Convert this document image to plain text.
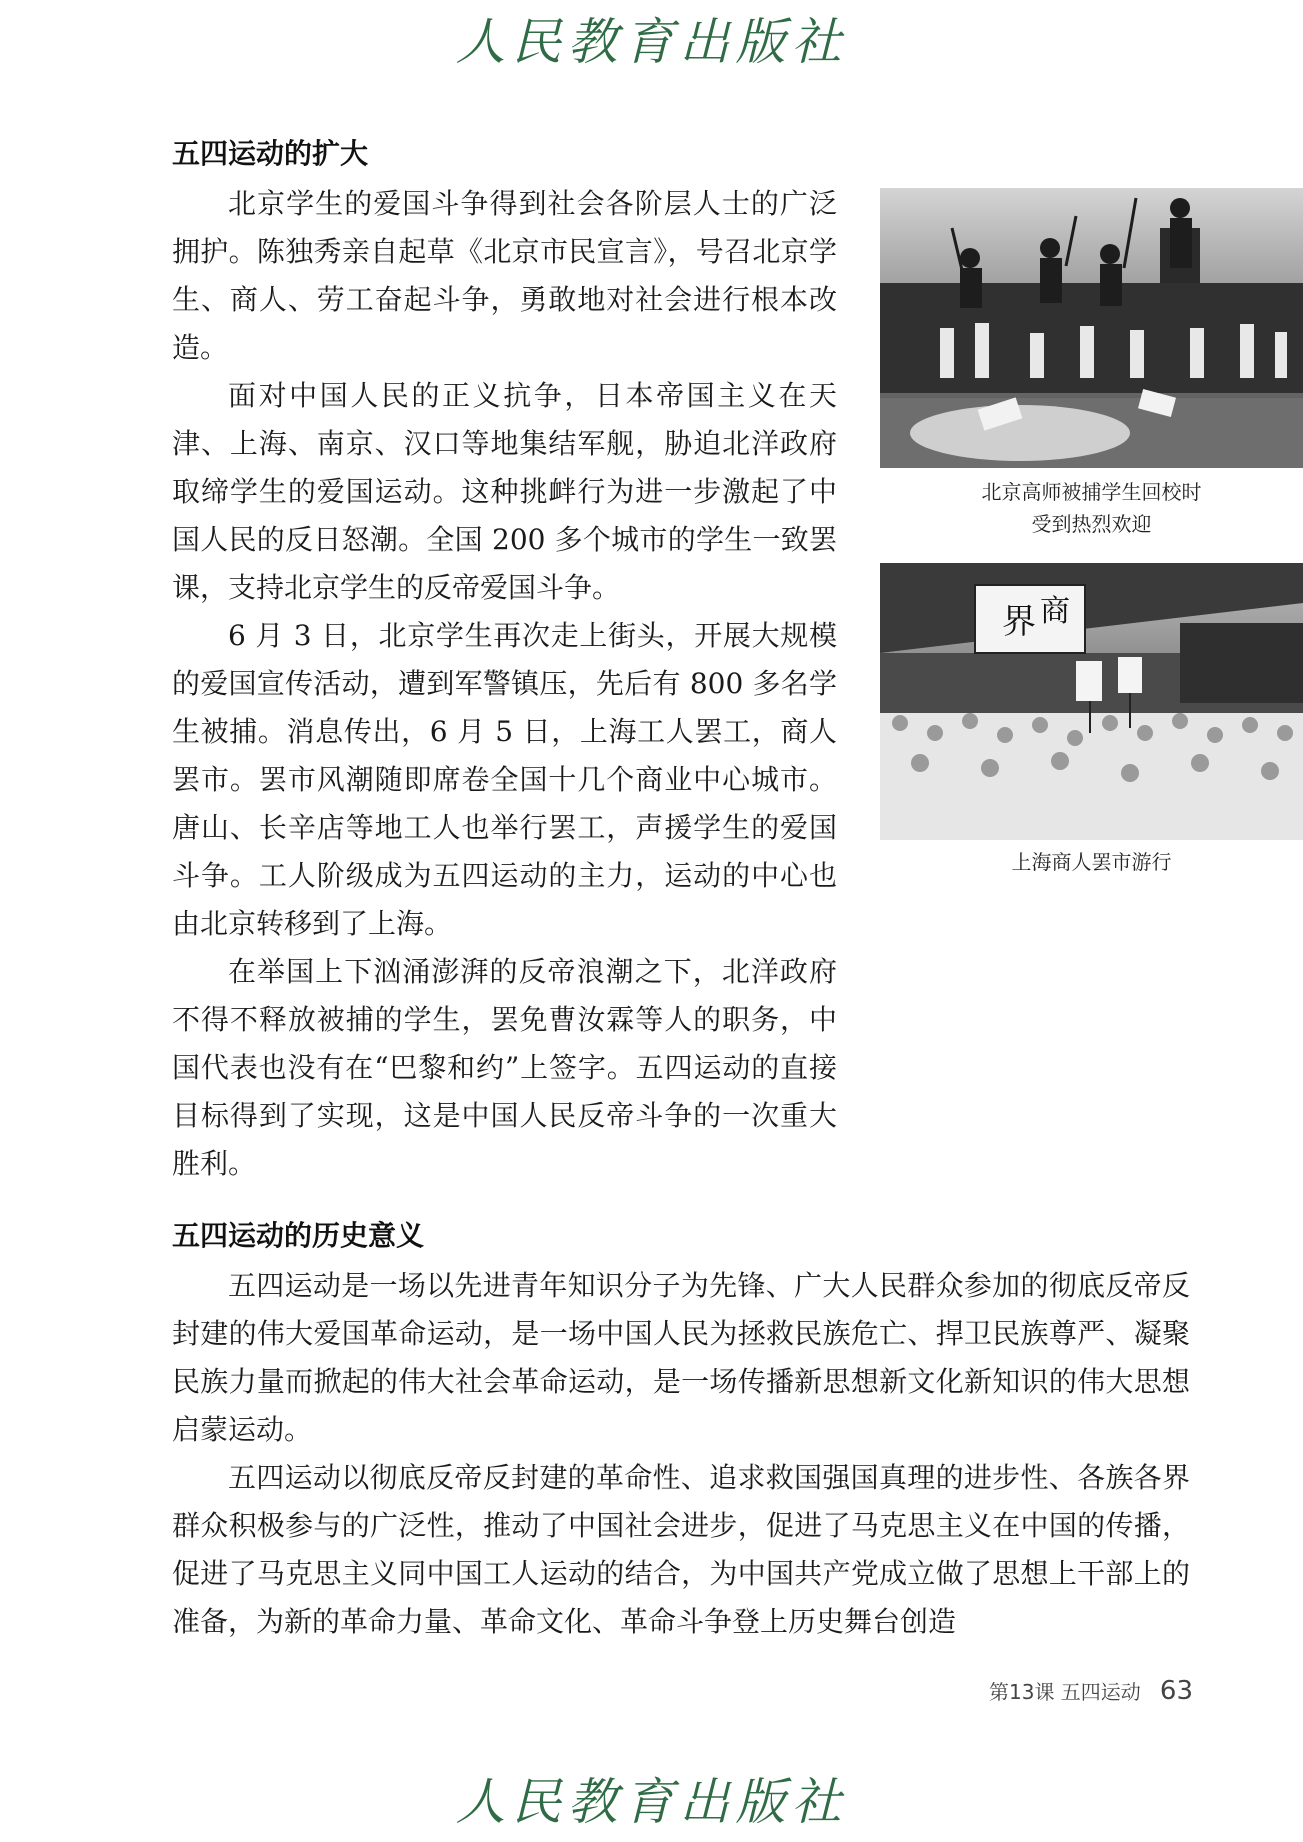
人民教育出版社
五四运动的扩大

北京学生的爱国斗争得到社会各阶层人士的广泛拥护。陈独秀亲自起草《北京市民宣言》，号召北京学生、商人、劳工奋起斗争，勇敢地对社会进行根本改造。

面对中国人民的正义抗争，日本帝国主义在天津、上海、南京、汉口等地集结军舰，胁迫北洋政府取缔学生的爱国运动。这种挑衅行为进一步激起了中国人民的反日怒潮。全国 200 多个城市的学生一致罢课，支持北京学生的反帝爱国斗争。

6 月 3 日，北京学生再次走上街头，开展大规模的爱国宣传活动，遭到军警镇压，先后有 800 多名学生被捕。消息传出，6 月 5 日，上海工人罢工，商人罢市。罢市风潮随即席卷全国十几个商业中心城市。唐山、长辛店等地工人也举行罢工，声援学生的爱国斗争。工人阶级成为五四运动的主力，运动的中心也由北京转移到了上海。

在举国上下汹涌澎湃的反帝浪潮之下，北洋政府不得不释放被捕的学生，罢免曹汝霖等人的职务，中国代表也没有在“巴黎和约”上签字。五四运动的直接目标得到了实现，这是中国人民反帝斗争的一次重大胜利。

北京高师被捕学生回校时
受到热烈欢迎
界 商
上海商人罢市游行
五四运动的历史意义

五四运动是一场以先进青年知识分子为先锋、广大人民群众参加的彻底反帝反封建的伟大爱国革命运动，是一场中国人民为拯救民族危亡、捍卫民族尊严、凝聚民族力量而掀起的伟大社会革命运动，是一场传播新思想新文化新知识的伟大思想启蒙运动。

五四运动以彻底反帝反封建的革命性、追求救国强国真理的进步性、各族各界群众积极参与的广泛性，推动了中国社会进步，促进了马克思主义在中国的传播，促进了马克思主义同中国工人运动的结合，为中国共产党成立做了思想上干部上的准备，为新的革命力量、革命文化、革命斗争登上历史舞台创造

第13课 五四运动 63
人民教育出版社
